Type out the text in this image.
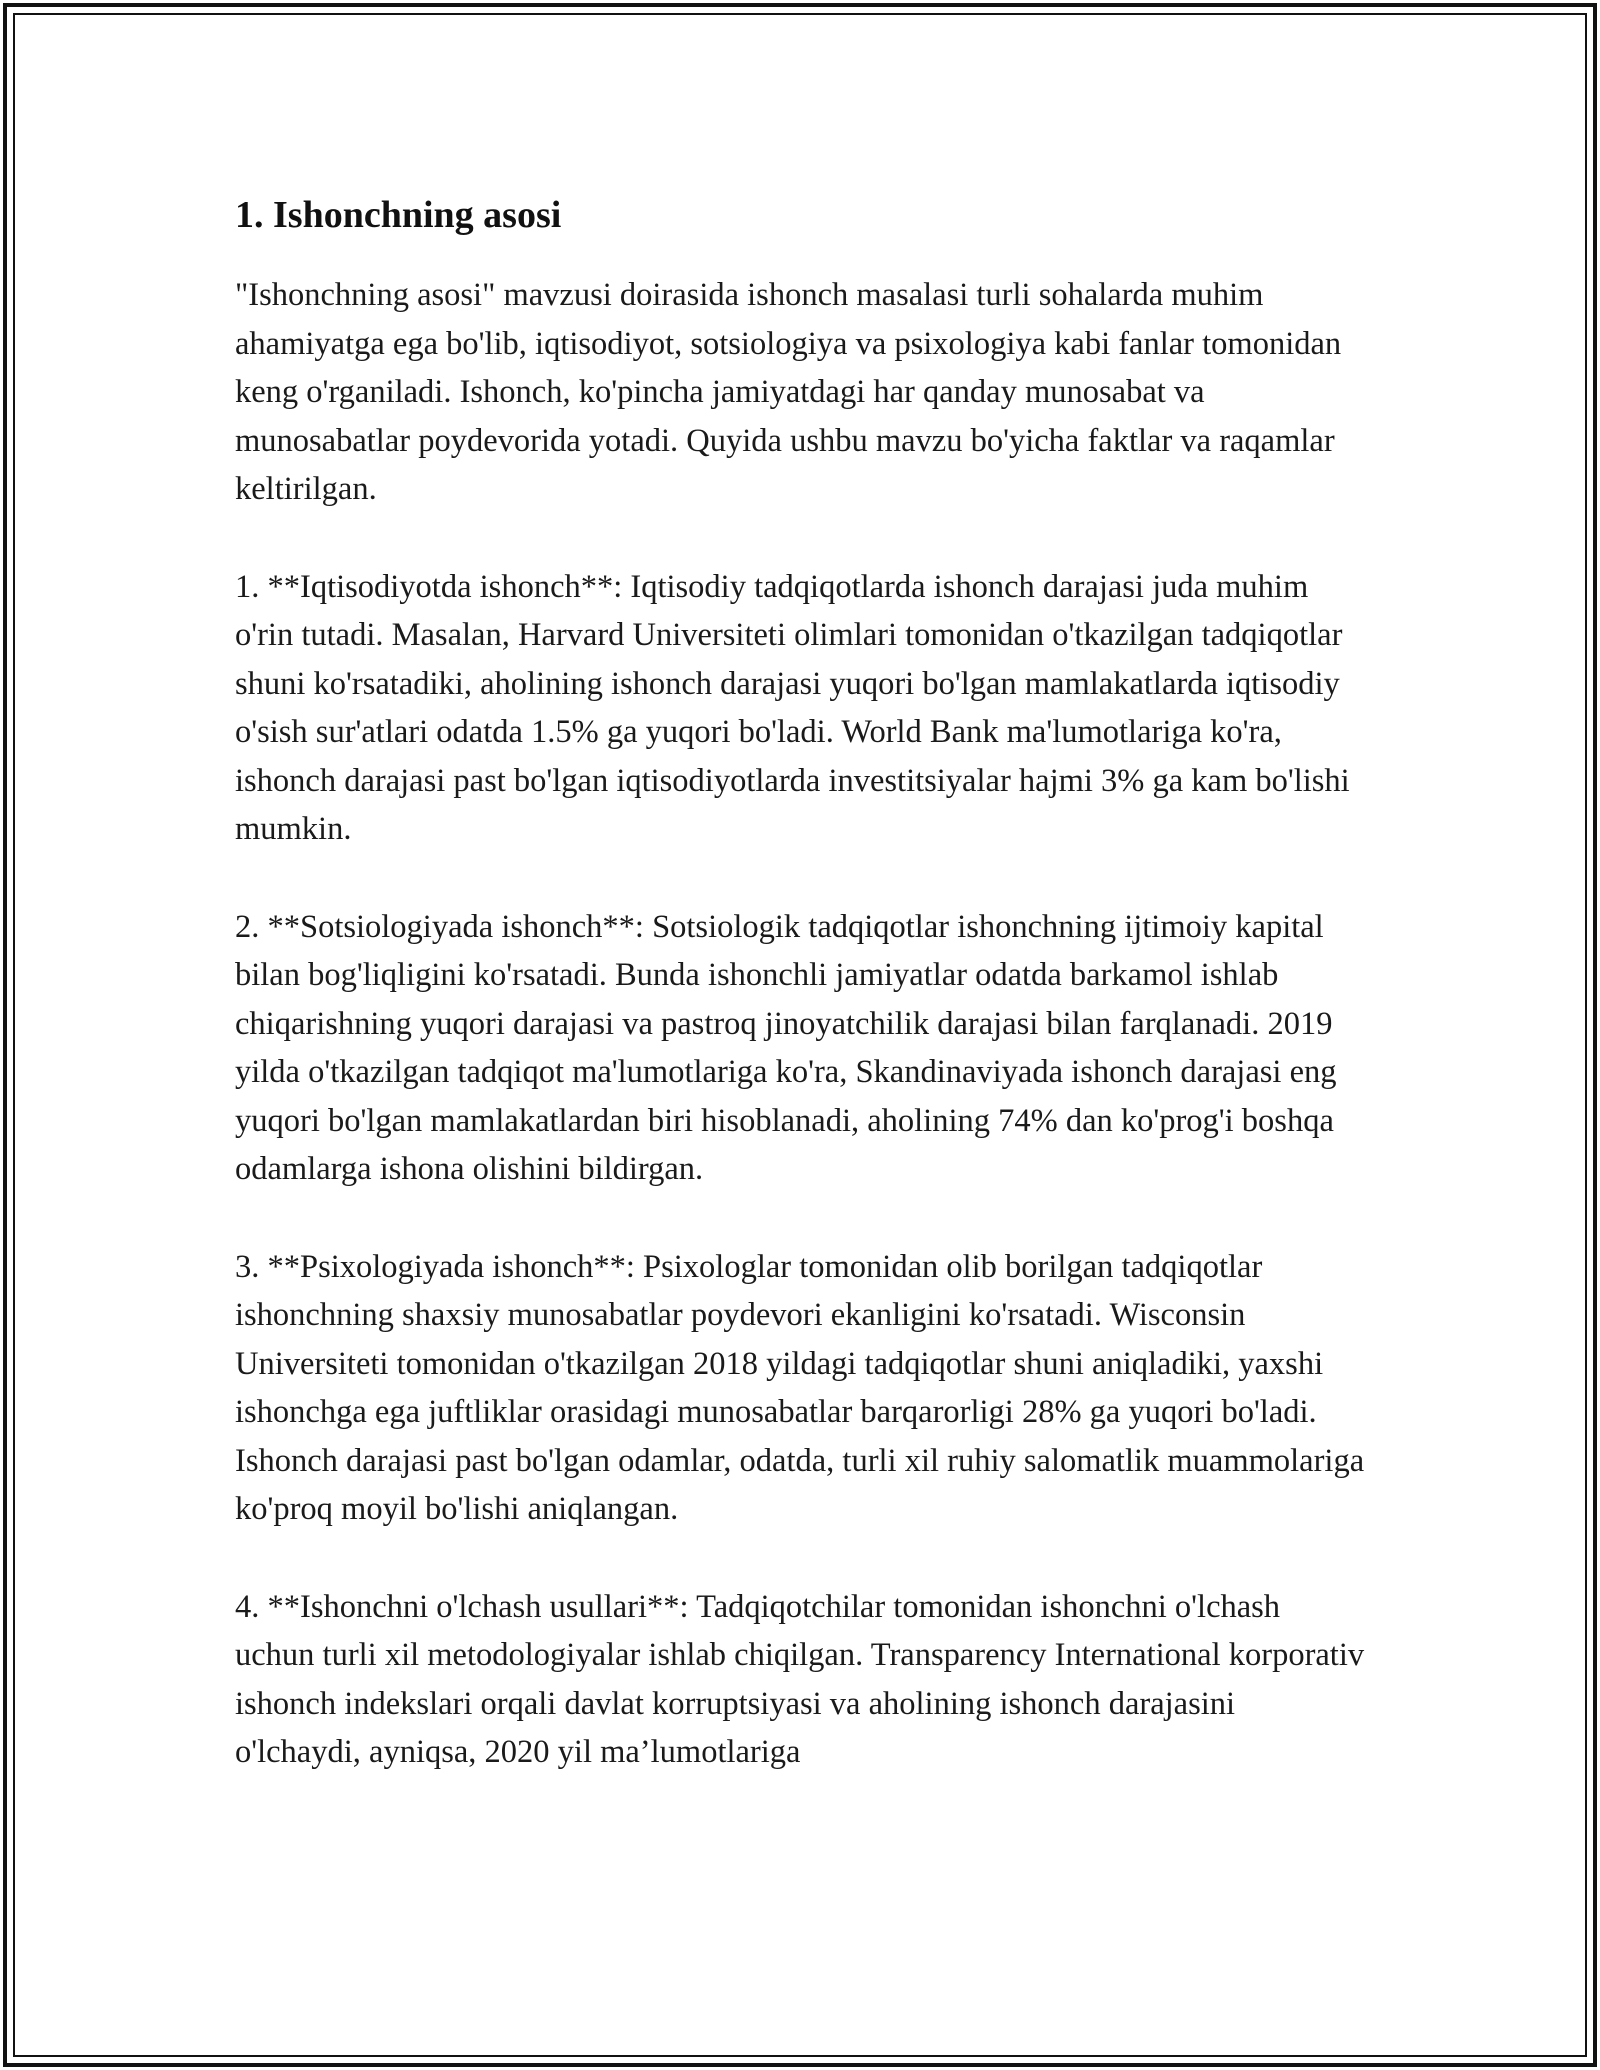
1. Ishonchning asosi

"Ishonchning asosi" mavzusi doirasida ishonch masalasi turli sohalarda muhim ahamiyatga ega bo'lib, iqtisodiyot, sotsiologiya va psixologiya kabi fanlar tomonidan keng o'rganiladi. Ishonch, ko'pincha jamiyatdagi har qanday munosabat va munosabatlar poydevorida yotadi. Quyida ushbu mavzu bo'yicha faktlar va raqamlar keltirilgan.

1. **Iqtisodiyotda ishonch**: Iqtisodiy tadqiqotlarda ishonch darajasi juda muhim o'rin tutadi. Masalan, Harvard Universiteti olimlari tomonidan o'tkazilgan tadqiqotlar shuni ko'rsatadiki, aholining ishonch darajasi yuqori bo'lgan mamlakatlarda iqtisodiy o'sish sur'atlari odatda 1.5% ga yuqori bo'ladi. World Bank ma'lumotlariga ko'ra, ishonch darajasi past bo'lgan iqtisodiyotlarda investitsiyalar hajmi 3% ga kam bo'lishi mumkin.

2. **Sotsiologiyada ishonch**: Sotsiologik tadqiqotlar ishonchning ijtimoiy kapital bilan bog'liqligini ko'rsatadi. Bunda ishonchli jamiyatlar odatda barkamol ishlab chiqarishning yuqori darajasi va pastroq jinoyatchilik darajasi bilan farqlanadi. 2019 yilda o'tkazilgan tadqiqot ma'lumotlariga ko'ra, Skandinaviyada ishonch darajasi eng yuqori bo'lgan mamlakatlardan biri hisoblanadi, aholining 74% dan ko'prog'i boshqa odamlarga ishona olishini bildirgan.

3. **Psixologiyada ishonch**: Psixologlar tomonidan olib borilgan tadqiqotlar ishonchning shaxsiy munosabatlar poydevori ekanligini ko'rsatadi. Wisconsin Universiteti tomonidan o'tkazilgan 2018 yildagi tadqiqotlar shuni aniqladiki, yaxshi ishonchga ega juftliklar orasidagi munosabatlar barqarorligi 28% ga yuqori bo'ladi. Ishonch darajasi past bo'lgan odamlar, odatda, turli xil ruhiy salomatlik muammolariga ko'proq moyil bo'lishi aniqlangan.

4. **Ishonchni o'lchash usullari**: Tadqiqotchilar tomonidan ishonchni o'lchash uchun turli xil metodologiyalar ishlab chiqilgan. Transparency International korporativ ishonch indekslari orqali davlat korruptsiyasi va aholining ishonch darajasini o'lchaydi, ayniqsa, 2020 yil ma’lumotlariga
